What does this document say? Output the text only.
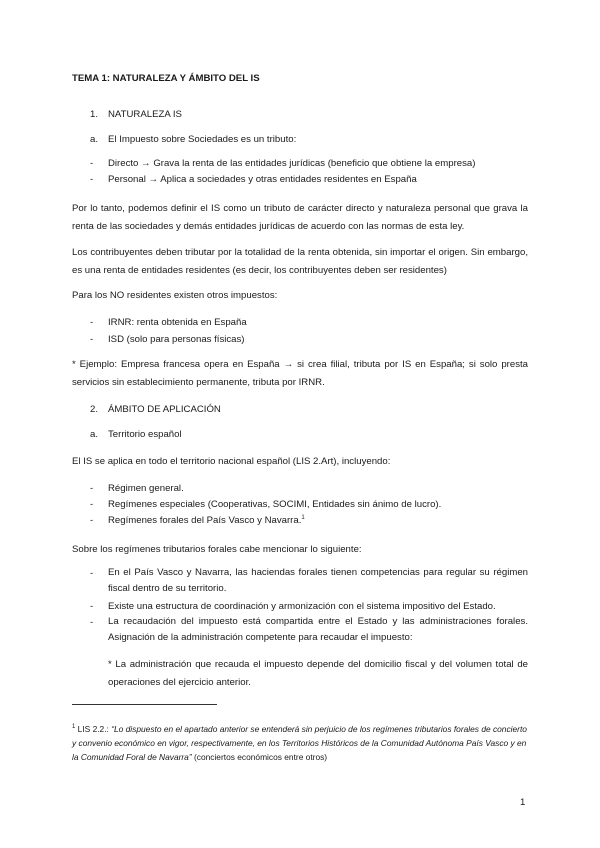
TEMA 1: NATURALEZA Y ÁMBITO DEL IS
1. NATURALEZA IS
a. El Impuesto sobre Sociedades es un tributo:
- Directo → Grava la renta de las entidades jurídicas (beneficio que obtiene la empresa)
- Personal → Aplica a sociedades y otras entidades residentes en España
Por lo tanto, podemos definir el IS como un tributo de carácter directo y naturaleza personal que grava la renta de las sociedades y demás entidades jurídicas de acuerdo con las normas de esta ley.
Los contribuyentes deben tributar por la totalidad de la renta obtenida, sin importar el origen. Sin embargo, es una renta de entidades residentes (es decir, los contribuyentes deben ser residentes)
Para los NO residentes existen otros impuestos:
- IRNR: renta obtenida en España
- ISD (solo para personas físicas)
* Ejemplo: Empresa francesa opera en España → si crea filial, tributa por IS en España; si solo presta servicios sin establecimiento permanente, tributa por IRNR.
2. ÁMBITO DE APLICACIÓN
a. Territorio español
El IS se aplica en todo el territorio nacional español (LIS 2.Art), incluyendo:
- Régimen general.
- Regímenes especiales (Cooperativas, SOCIMI, Entidades sin ánimo de lucro).
- Regímenes forales del País Vasco y Navarra.$^1$
Sobre los regímenes tributarios forales cabe mencionar lo siguiente:
- En el País Vasco y Navarra, las haciendas forales tienen competencias para regular su régimen fiscal dentro de su territorio.
- Existe una estructura de coordinación y armonización con el sistema impositivo del Estado.
- La recaudación del impuesto está compartida entre el Estado y las administraciones forales. Asignación de la administración competente para recaudar el impuesto:
* La administración que recauda el impuesto depende del domicilio fiscal y del volumen total de operaciones del ejercicio anterior.
$^1$ LIS 2.2.: “Lo dispuesto en el apartado anterior se entenderá sin perjuicio de los regímenes tributarios forales de concierto y convenio económico en vigor, respectivamente, en los Territorios Históricos de la Comunidad Autónoma País Vasco y en la Comunidad Foral de Navarra” (conciertos económicos entre otros)
1
